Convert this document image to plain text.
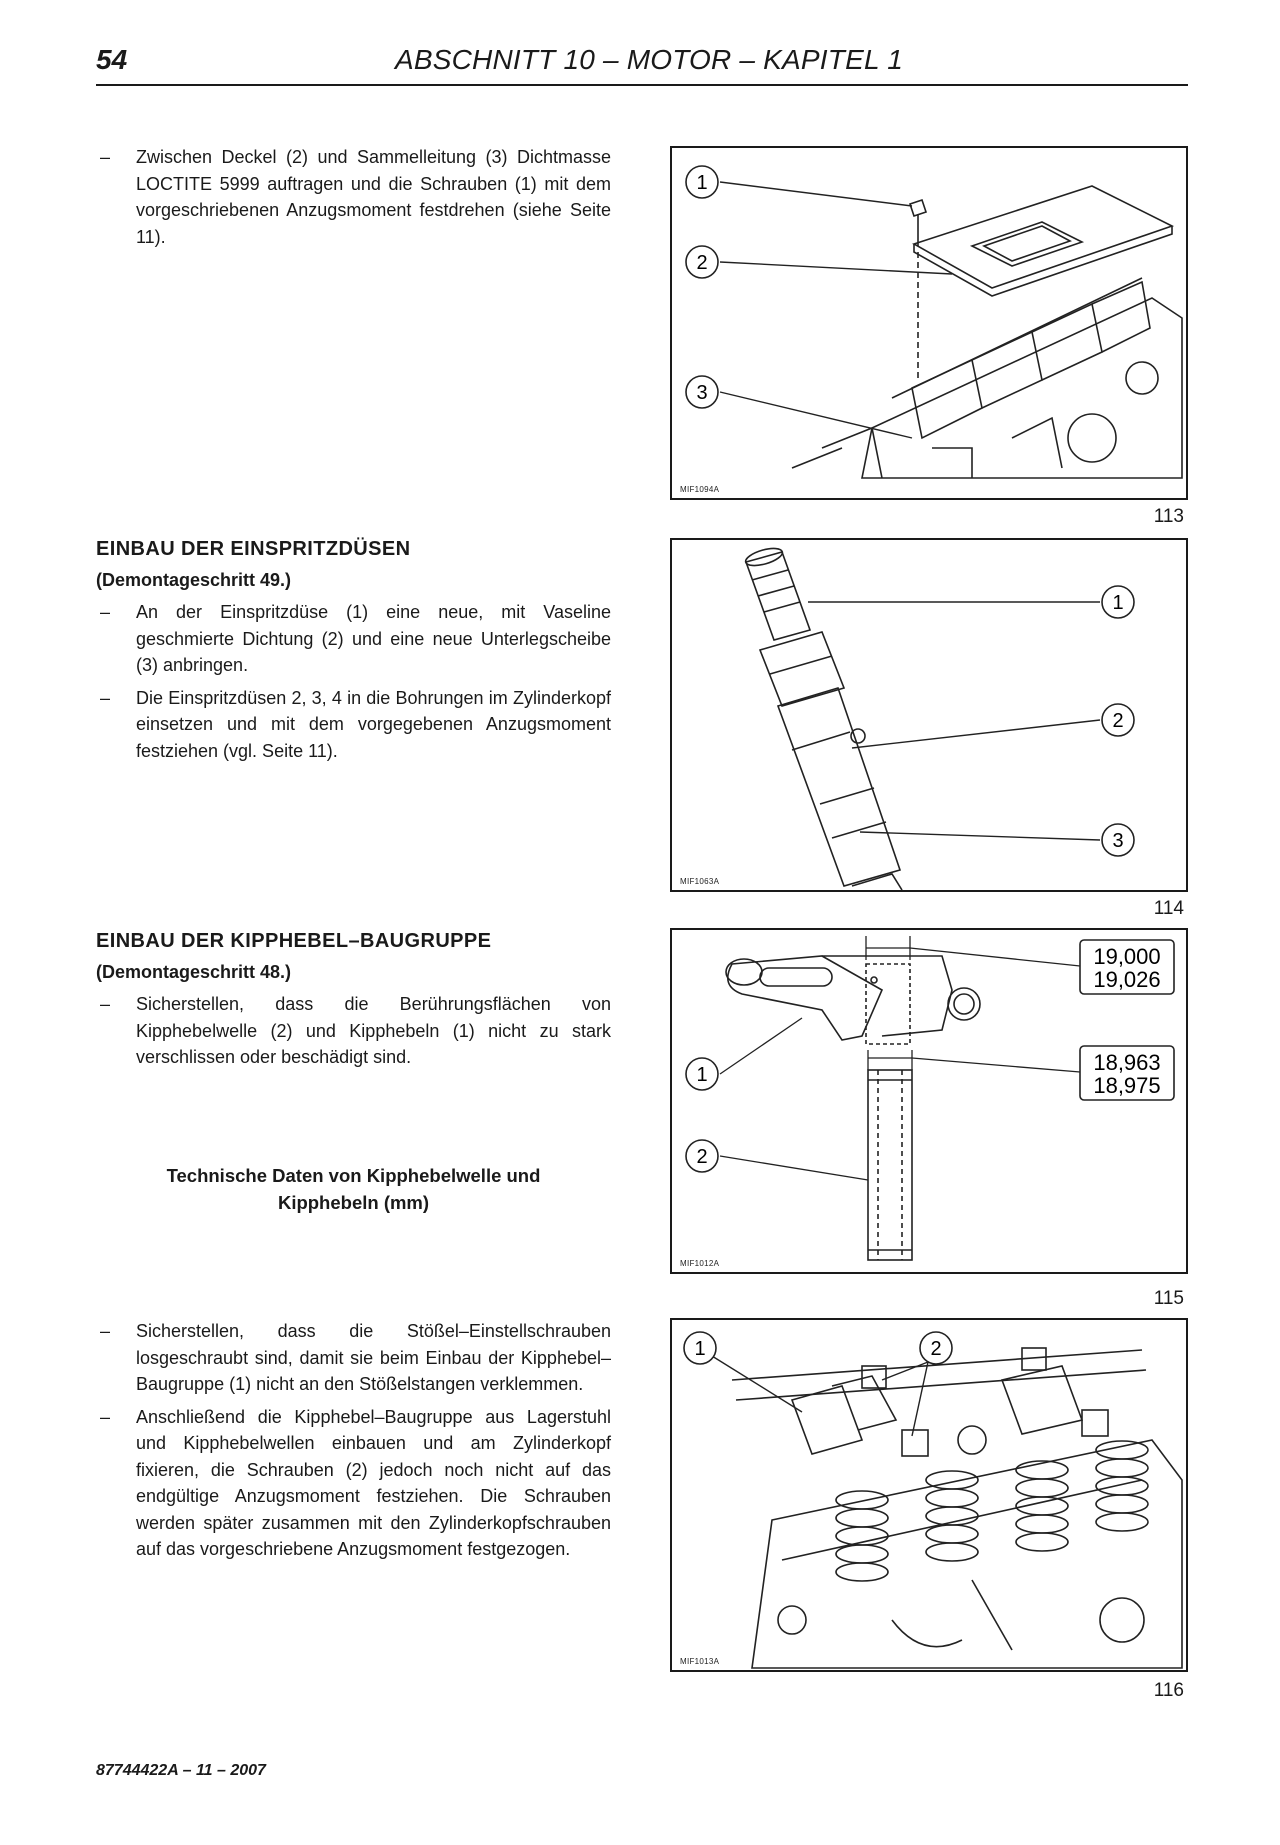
54	ABSCHNITT 10 – MOTOR – KAPITEL 1

– Zwischen Deckel (2) und Sammelleitung (3) Dichtmasse LOCTITE 5999 auftragen und die Schrauben (1) mit dem vorgeschriebenen Anzugsmoment festdrehen (siehe Seite 11).

EINBAU DER EINSPRITZDÜSEN

(Demontageschritt 49.)

– An der Einspritzdüse (1) eine neue, mit Vaseline geschmierte Dichtung (2) und eine neue Unterlegscheibe (3) anbringen.

– Die Einspritzdüsen 2, 3, 4 in die Bohrungen im Zylinderkopf einsetzen und mit dem vorgegebenen Anzugsmoment festziehen (vgl. Seite 11).

EINBAU DER KIPPHEBEL–BAUGRUPPE

(Demontageschritt 48.)

– Sicherstellen, dass die Berührungsflächen von Kipphebelwelle (2) und Kipphebeln (1) nicht zu stark verschlissen oder beschädigt sind.

Technische Daten von Kipphebelwelle und
Kipphebeln (mm)

– Sicherstellen, dass die Stößel–Einstellschrauben losgeschraubt sind, damit sie beim Einbau der Kipphebel–Baugruppe (1) nicht an den Stößelstangen verklemmen.

– Anschließend die Kipphebel–Baugruppe aus Lagerstuhl und Kipphebelwellen einbauen und am Zylinderkopf fixieren, die Schrauben (2) jedoch noch nicht auf das endgültige Anzugsmoment festziehen. Die Schrauben werden später zusammen mit den Zylinderkopfschrauben auf das vorgeschriebene Anzugsmoment festgezogen.

1
2
3
MIF1094A
113
1
2
3
MIF1063A
114
19,000
19,026
18,963
18,975
1
2
MIF1012A
115
1	2
MIF1013A
116
87744422A – 11 – 2007
